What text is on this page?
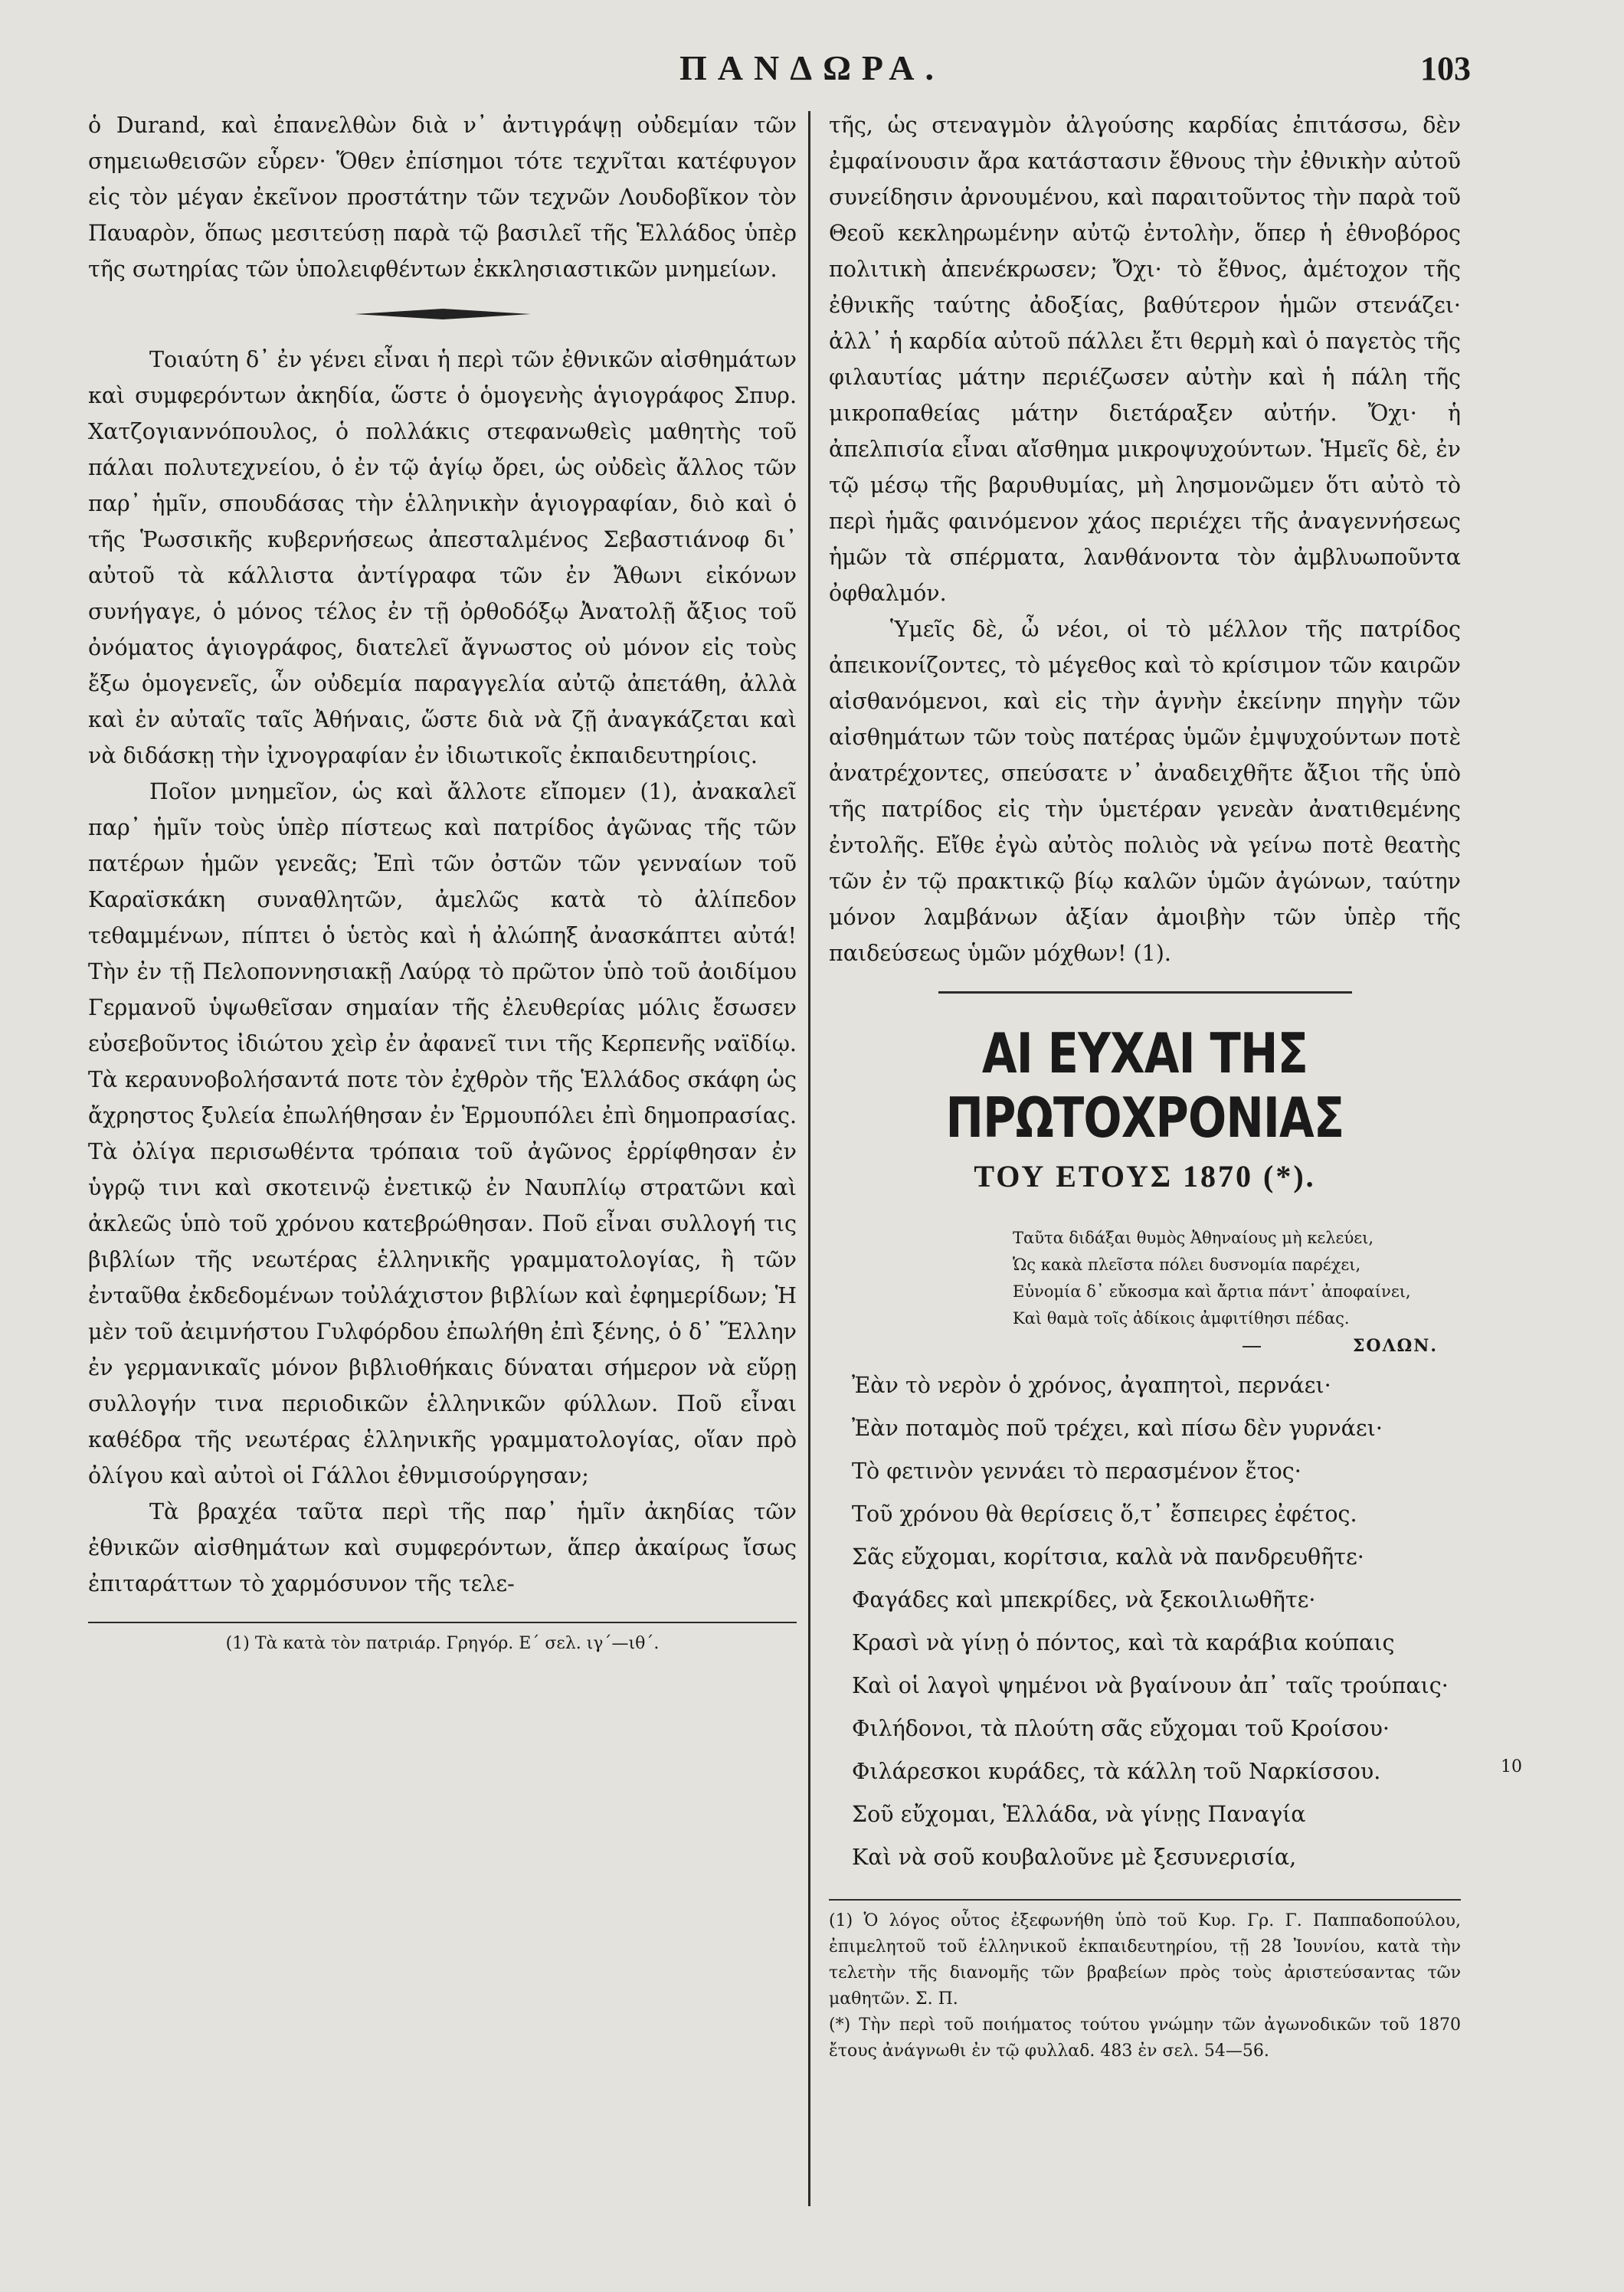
ΠΑΝΔΩΡΑ.	103

ὁ Durand, καὶ ἐπανελθὼν διὰ ν᾽ ἀντιγράψῃ οὐδεμίαν τῶν σημειωθεισῶν εὗρεν· Ὅθεν ἐπίσημοι τότε τεχνῖται κατέφυγον εἰς τὸν μέγαν ἐκεῖνον προστάτην τῶν τεχνῶν Λουδοβῖκον τὸν Παυαρὸν, ὅπως μεσιτεύσῃ παρὰ τῷ βασιλεῖ τῆς Ἑλλάδος ὑπὲρ τῆς σωτηρίας τῶν ὑπολειφθέντων ἐκκλησιαστικῶν μνημείων.

Τοιαύτη δ᾽ ἐν γένει εἶναι ἡ περὶ τῶν ἐθνικῶν αἰσθημάτων καὶ συμφερόντων ἀκηδία, ὥστε ὁ ὁμογενὴς ἁγιογράφος Σπυρ. Χατζογιαννόπουλος, ὁ πολλάκις στεφανωθεὶς μαθητὴς τοῦ πάλαι πολυτεχνείου, ὁ ἐν τῷ ἁγίῳ ὄρει, ὡς οὐδεὶς ἄλλος τῶν παρ᾽ ἡμῖν, σπουδάσας τὴν ἑλληνικὴν ἁγιογραφίαν, διὸ καὶ ὁ τῆς Ῥωσσικῆς κυβερνήσεως ἀπεσταλμένος Σεβαστιάνοφ δι᾽ αὐτοῦ τὰ κάλλιστα ἀντίγραφα τῶν ἐν Ἄθωνι εἰκόνων συνήγαγε, ὁ μόνος τέλος ἐν τῇ ὀρθοδόξῳ Ἀνατολῇ ἄξιος τοῦ ὀνόματος ἁγιογράφος, διατελεῖ ἄγνωστος οὐ μόνον εἰς τοὺς ἔξω ὁμογενεῖς, ὧν οὐδεμία παραγγελία αὐτῷ ἀπετάθη, ἀλλὰ καὶ ἐν αὐταῖς ταῖς Ἀθήναις, ὥστε διὰ νὰ ζῇ ἀναγκάζεται καὶ νὰ διδάσκῃ τὴν ἰχνογραφίαν ἐν ἰδιωτικοῖς ἐκπαιδευτηρίοις.

Ποῖον μνημεῖον, ὡς καὶ ἄλλοτε εἴπομεν (1), ἀνακαλεῖ παρ᾽ ἡμῖν τοὺς ὑπὲρ πίστεως καὶ πατρίδος ἀγῶνας τῆς τῶν πατέρων ἡμῶν γενεᾶς; Ἐπὶ τῶν ὀστῶν τῶν γενναίων τοῦ Καραϊσκάκη συναθλητῶν, ἀμελῶς κατὰ τὸ ἀλίπεδον τεθαμμένων, πίπτει ὁ ὑετὸς καὶ ἡ ἀλώπηξ ἀνασκάπτει αὐτά! Τὴν ἐν τῇ Πελοποννησιακῇ Λαύρᾳ τὸ πρῶτον ὑπὸ τοῦ ἀοιδίμου Γερμανοῦ ὑψωθεῖσαν σημαίαν τῆς ἐλευθερίας μόλις ἔσωσεν εὐσεβοῦντος ἰδιώτου χεὶρ ἐν ἀφανεῖ τινι τῆς Κερπενῆς ναϊδίῳ. Τὰ κεραυνοβολήσαντά ποτε τὸν ἐχθρὸν τῆς Ἑλλάδος σκάφη ὡς ἄχρηστος ξυλεία ἐπωλήθησαν ἐν Ἑρμουπόλει ἐπὶ δημοπρασίας. Τὰ ὀλίγα περισωθέντα τρόπαια τοῦ ἀγῶνος ἐρρίφθησαν ἐν ὑγρῷ τινι καὶ σκοτεινῷ ἐνετικῷ ἐν Ναυπλίῳ στρατῶνι καὶ ἀκλεῶς ὑπὸ τοῦ χρόνου κατεβρώθησαν. Ποῦ εἶναι συλλογή τις βιβλίων τῆς νεωτέρας ἑλληνικῆς γραμματολογίας, ἢ τῶν ἐνταῦθα ἐκδεδομένων τοὐλάχιστον βιβλίων καὶ ἐφημερίδων; Ἡ μὲν τοῦ ἀειμνήστου Γυλφόρδου ἐπωλήθη ἐπὶ ξένης, ὁ δ᾽ Ἕλλην ἐν γερμανικαῖς μόνον βιβλιοθήκαις δύναται σήμερον νὰ εὕρῃ συλλογήν τινα περιοδικῶν ἑλληνικῶν φύλλων. Ποῦ εἶναι καθέδρα τῆς νεωτέρας ἑλληνικῆς γραμματολογίας, οἵαν πρὸ ὀλίγου καὶ αὐτοὶ οἱ Γάλλοι ἐθνμισούργησαν;

Τὰ βραχέα ταῦτα περὶ τῆς παρ᾽ ἡμῖν ἀκηδίας τῶν ἐθνικῶν αἰσθημάτων καὶ συμφερόντων, ἅπερ ἀκαίρως ἴσως ἐπιταράττων τὸ χαρμόσυνον τῆς τελε-

(1) Τὰ κατὰ τὸν πατριάρ. Γρηγόρ. Ε΄ σελ. ιγ΄—ιθ΄.

τῆς, ὡς στεναγμὸν ἀλγούσης καρδίας ἐπιτάσσω, δὲν ἐμφαίνουσιν ἄρα κατάστασιν ἔθνους τὴν ἐθνικὴν αὐτοῦ συνείδησιν ἀρνουμένου, καὶ παραιτοῦντος τὴν παρὰ τοῦ Θεοῦ κεκληρωμένην αὐτῷ ἐντολὴν, ὅπερ ἡ ἐθνοβόρος πολιτικὴ ἀπενέκρωσεν; Ὄχι· τὸ ἔθνος, ἀμέτοχον τῆς ἐθνικῆς ταύτης ἀδοξίας, βαθύτερον ἡμῶν στενάζει· ἀλλ᾽ ἡ καρδία αὐτοῦ πάλλει ἔτι θερμὴ καὶ ὁ παγετὸς τῆς φιλαυτίας μάτην περιέζωσεν αὐτὴν καὶ ἡ πάλη τῆς μικροπαθείας μάτην διετάραξεν αὐτήν. Ὄχι· ἡ ἀπελπισία εἶναι αἴσθημα μικροψυχούντων. Ἡμεῖς δὲ, ἐν τῷ μέσῳ τῆς βαρυθυμίας, μὴ λησμονῶμεν ὅτι αὐτὸ τὸ περὶ ἡμᾶς φαινόμενον χάος περιέχει τῆς ἀναγεννήσεως ἡμῶν τὰ σπέρματα, λανθάνοντα τὸν ἀμβλυωποῦντα ὀφθαλμόν.

Ὑμεῖς δὲ, ὦ νέοι, οἱ τὸ μέλλον τῆς πατρίδος ἀπεικονίζοντες, τὸ μέγεθος καὶ τὸ κρίσιμον τῶν καιρῶν αἰσθανόμενοι, καὶ εἰς τὴν ἁγνὴν ἐκείνην πηγὴν τῶν αἰσθημάτων τῶν τοὺς πατέρας ὑμῶν ἐμψυχούντων ποτὲ ἀνατρέχοντες, σπεύσατε ν᾽ ἀναδειχθῆτε ἄξιοι τῆς ὑπὸ τῆς πατρίδος εἰς τὴν ὑμετέραν γενεὰν ἀνατιθεμένης ἐντολῆς. Εἴθε ἐγὼ αὐτὸς πολιὸς νὰ γείνω ποτὲ θεατὴς τῶν ἐν τῷ πρακτικῷ βίῳ καλῶν ὑμῶν ἀγώνων, ταύτην μόνον λαμβάνων ἀξίαν ἀμοιβὴν τῶν ὑπὲρ τῆς παιδεύσεως ὑμῶν μόχθων! (1).

ΑΙ ΕΥΧΑΙ ΤΗΣ ΠΡΩΤΟΧΡΟΝΙΑΣ
ΤΟΥ ΕΤΟΥΣ 1870 (*).
Ταῦτα διδάξαι θυμὸς Ἀθηναίους μὴ κελεύει,
Ὡς κακὰ πλεῖστα πόλει δυσνομία παρέχει,
Εὐνομία δ᾽ εὔκοσμα καὶ ἄρτια πάντ᾽ ἀποφαίνει,
Καὶ θαμὰ τοῖς ἀδίκοις ἀμφιτίθησι πέδας.
ΣΟΛΩΝ.
Ἐὰν τὸ νερὸν ὁ χρόνος, ἀγαπητοὶ, περνάει·
Ἐὰν ποταμὸς ποῦ τρέχει, καὶ πίσω δὲν γυρνάει·
Τὸ φετινὸν γεννάει τὸ περασμένον ἔτος·
Τοῦ χρόνου θὰ θερίσεις ὅ,τ᾽ ἔσπειρες ἐφέτος.
Σᾶς εὔχομαι, κορίτσια, καλὰ νὰ πανδρευθῆτε·
Φαγάδες καὶ μπεκρίδες, νὰ ξεκοιλιωθῆτε·
Κρασὶ νὰ γίνῃ ὁ πόντος, καὶ τὰ καράβια κούπαις
Καὶ οἱ λαγοὶ ψημένοι νὰ βγαίνουν ἀπ᾽ ταῖς τρούπαις·
Φιλήδονοι, τὰ πλούτη σᾶς εὔχομαι τοῦ Κροίσου·
Φιλάρεσκοι κυράδες, τὰ κάλλη τοῦ Ναρκίσσου.	10
Σοῦ εὔχομαι, Ἑλλάδα, νὰ γίνῃς Παναγία
Καὶ νὰ σοῦ κουβαλοῦνε μὲ ξεσυνερισία,
(1) Ὁ λόγος οὗτος ἐξεφωνήθη ὑπὸ τοῦ Κυρ. Γρ. Γ. Παππαδοπούλου, ἐπιμελητοῦ τοῦ ἑλληνικοῦ ἐκπαιδευτηρίου, τῇ 28 Ἰουνίου, κατὰ τὴν τελετὴν τῆς διανομῆς τῶν βραβείων πρὸς τοὺς ἀριστεύσαντας τῶν μαθητῶν. Σ. Π.
(*) Τὴν περὶ τοῦ ποιήματος τούτου γνώμην τῶν ἀγωνοδικῶν τοῦ 1870 ἔτους ἀνάγνωθι ἐν τῷ φυλλαδ. 483 ἐν σελ. 54—56.
